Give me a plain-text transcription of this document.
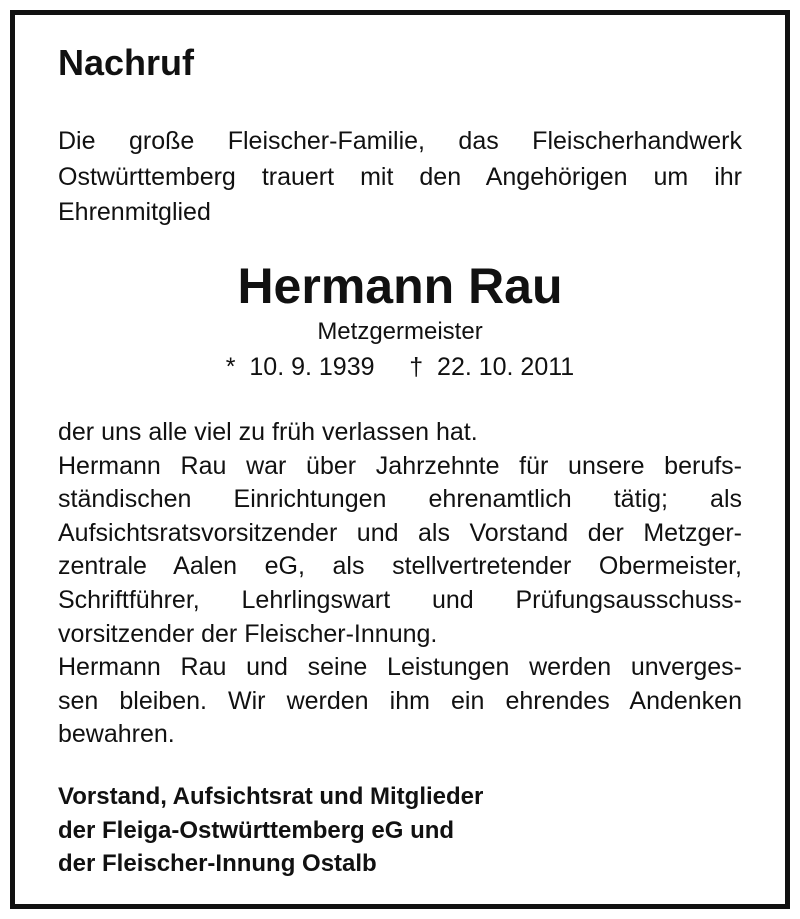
Nachruf

Die große Fleischer-Familie, das Fleischerhandwerk Ostwürttemberg trauert mit den Angehörigen um ihr Ehrenmitglied

Hermann Rau
Metzgermeister
*  10. 9. 1939     †  22. 10. 2011
der uns alle viel zu früh verlassen hat.
Hermann Rau war über Jahrzehnte für unsere berufs-
ständischen Einrichtungen ehrenamtlich tätig; als
Aufsichtsratsvorsitzender und als Vorstand der Metzger-
zentrale Aalen eG, als stellvertretender Obermeister,
Schriftführer, Lehrlingswart und Prüfungsausschuss-
vorsitzender der Fleischer-Innung.
Hermann Rau und seine Leistungen werden unverges-
sen bleiben. Wir werden ihm ein ehrendes Andenken
bewahren.
Vorstand, Aufsichtsrat und Mitglieder
der Fleiga-Ostwürttemberg eG und
der Fleischer-Innung Ostalb
